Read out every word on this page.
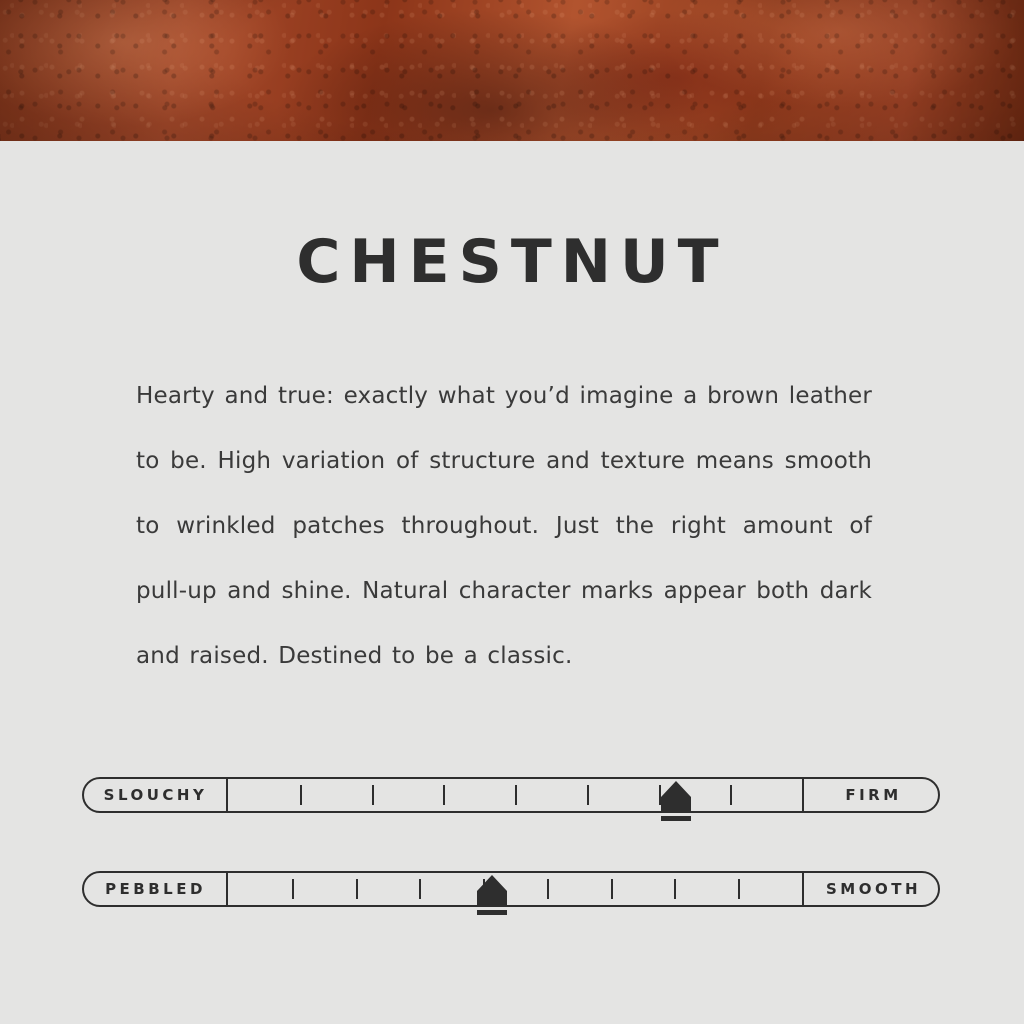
CHESTNUT
Hearty and true: exactly what you’d imagine a brown leather to be. High variation of structure and texture means smooth to wrinkled patches throughout. Just the right amount of pull-up and shine. Natural character marks appear both dark and raised. Destined to be a classic.
SLOUCHY	FIRM
PEBBLED	SMOOTH
